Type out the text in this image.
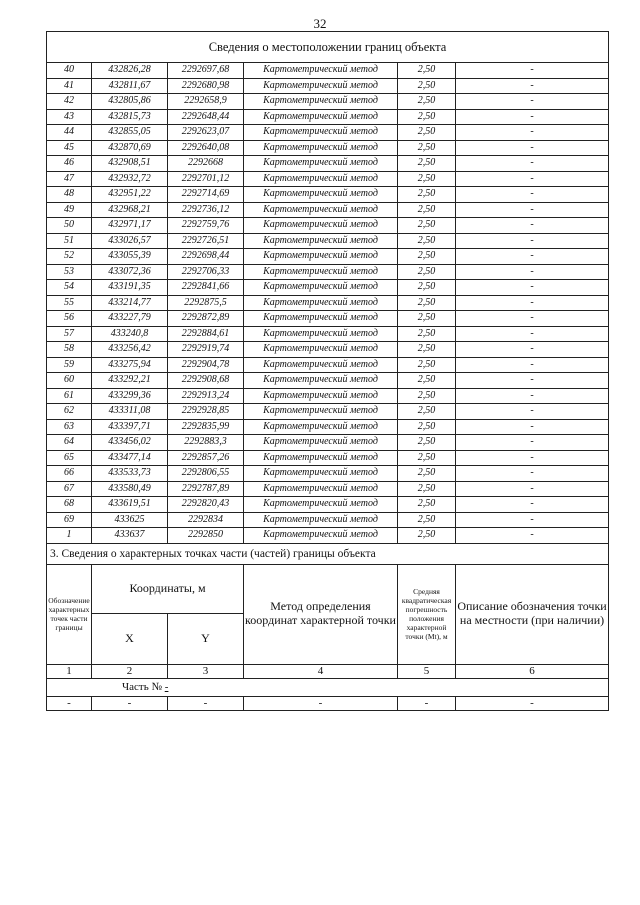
32
Сведения о местоположении границ объекта					
40	432826,28	2292697,68	Картометрический метод	2,50	-
41	432811,67	2292680,98	Картометрический метод	2,50	-
42	432805,86	2292658,9	Картометрический метод	2,50	-
43	432815,73	2292648,44	Картометрический метод	2,50	-
44	432855,05	2292623,07	Картометрический метод	2,50	-
45	432870,69	2292640,08	Картометрический метод	2,50	-
46	432908,51	2292668	Картометрический метод	2,50	-
47	432932,72	2292701,12	Картометрический метод	2,50	-
48	432951,22	2292714,69	Картометрический метод	2,50	-
49	432968,21	2292736,12	Картометрический метод	2,50	-
50	432971,17	2292759,76	Картометрический метод	2,50	-
51	433026,57	2292726,51	Картометрический метод	2,50	-
52	433055,39	2292698,44	Картометрический метод	2,50	-
53	433072,36	2292706,33	Картометрический метод	2,50	-
54	433191,35	2292841,66	Картометрический метод	2,50	-
55	433214,77	2292875,5	Картометрический метод	2,50	-
56	433227,79	2292872,89	Картометрический метод	2,50	-
57	433240,8	2292884,61	Картометрический метод	2,50	-
58	433256,42	2292919,74	Картометрический метод	2,50	-
59	433275,94	2292904,78	Картометрический метод	2,50	-
60	433292,21	2292908,68	Картометрический метод	2,50	-
61	433299,36	2292913,24	Картометрический метод	2,50	-
62	433311,08	2292928,85	Картометрический метод	2,50	-
63	433397,71	2292835,99	Картометрический метод	2,50	-
64	433456,02	2292883,3	Картометрический метод	2,50	-
65	433477,14	2292857,26	Картометрический метод	2,50	-
66	433533,73	2292806,55	Картометрический метод	2,50	-
67	433580,49	2292787,89	Картометрический метод	2,50	-
68	433619,51	2292820,43	Картометрический метод	2,50	-
69	433625	2292834	Картометрический метод	2,50	-
1	433637	2292850	Картометрический метод	2,50	-
3. Сведения о характерных точках части (частей) границы объекта					
Обозначение характерных точек части границы	Координаты, м		Метод определения координат характерной точки	Средняя квадратическая погрешность положения характерной точки (Mt), м	Описание обозначения точки на местности (при наличии)
	X	Y			
1	2	3	4	5	6
Часть № -					
-	-	-	-	-	-
